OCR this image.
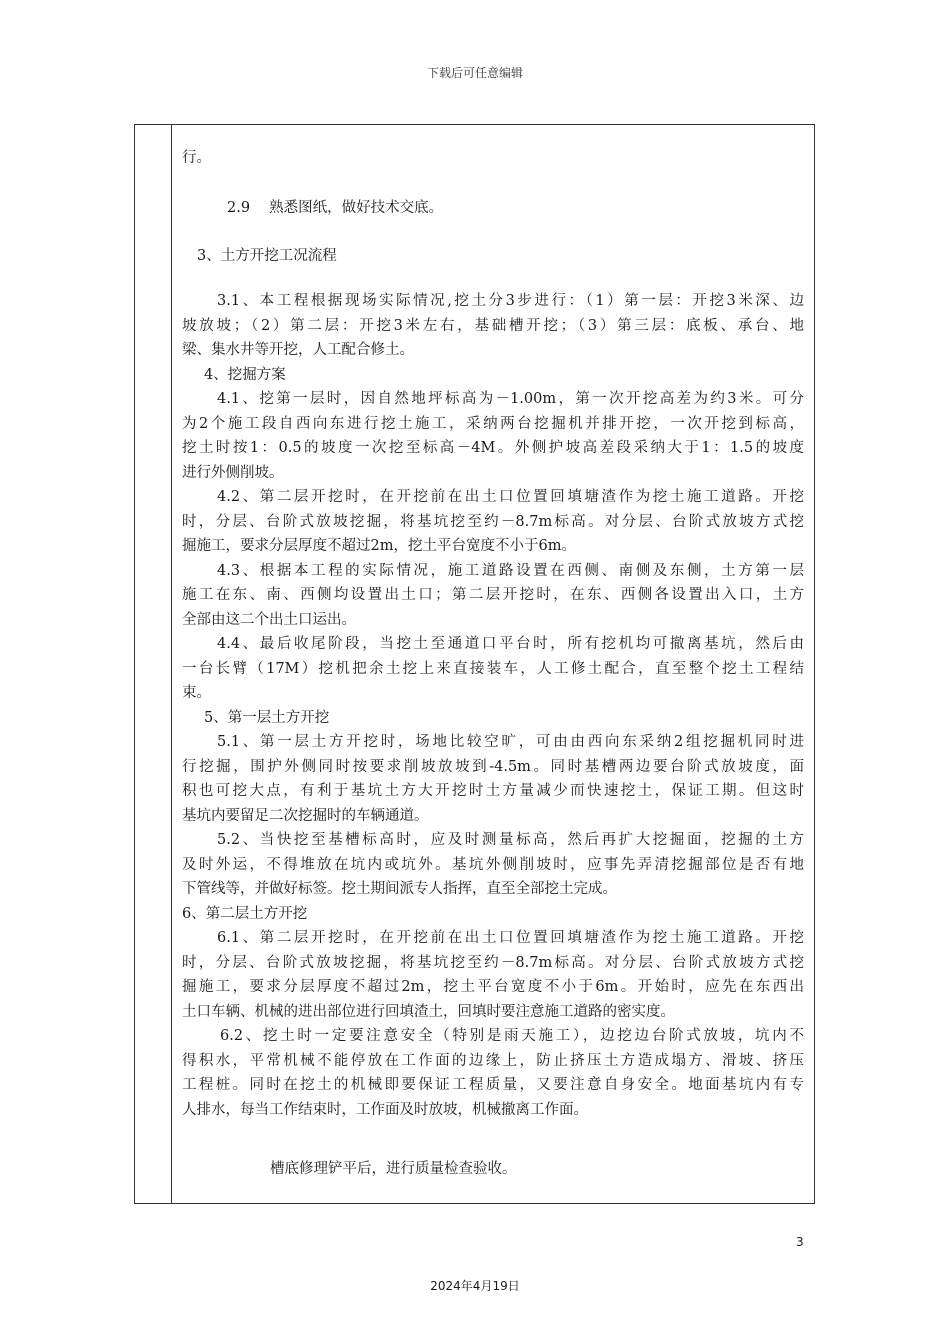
下载后可任意编辑
行。
2.9　 熟悉图纸，做好技术交底。
3、土方开挖工况流程
3.1、本工程根据现场实际情况,挖土分3步进行：（1）第一层：开挖3米深、边
坡放坡；（2）第二层：开挖3米左右，基础槽开挖；（3）第三层：底板、承台、地
梁、集水井等开挖，人工配合修土。
4、挖掘方案
4.1、挖第一层时，因自然地坪标高为－1.00m，第一次开挖高差为约3米。可分
为2个施工段自西向东进行挖土施工，采纳两台挖掘机并排开挖，一次开挖到标高，
挖土时按1：0.5的坡度一次挖至标高－4M。外侧护坡高差段采纳大于1：1.5的坡度
进行外侧削坡。
4.2、第二层开挖时，在开挖前在出土口位置回填塘渣作为挖土施工道路。开挖
时，分层、台阶式放坡挖掘，将基坑挖至约－8.7m标高。对分层、台阶式放坡方式挖
掘施工，要求分层厚度不超过2m，挖土平台宽度不小于6m。
4.3、根据本工程的实际情况，施工道路设置在西侧、南侧及东侧，土方第一层
施工在东、南、西侧均设置出土口；第二层开挖时，在东、西侧各设置出入口，土方
全部由这二个出土口运出。
4.4、最后收尾阶段，当挖土至通道口平台时，所有挖机均可撤离基坑，然后由
一台长臂（17M）挖机把余土挖上来直接装车，人工修土配合，直至整个挖土工程结
束。
5、第一层土方开挖
5.1、第一层土方开挖时，场地比较空旷，可由由西向东采纳2组挖掘机同时进
行挖掘，围护外侧同时按要求削坡放坡到-4.5m。同时基槽两边要台阶式放坡度，面
积也可挖大点，有利于基坑土方大开挖时土方量减少而快速挖土，保证工期。但这时
基坑内要留足二次挖掘时的车辆通道。
5.2、当快挖至基槽标高时，应及时测量标高，然后再扩大挖掘面，挖掘的土方
及时外运，不得堆放在坑内或坑外。基坑外侧削坡时，应事先弄清挖掘部位是否有地
下管线等，并做好标签。挖土期间派专人指挥，直至全部挖土完成。
6、第二层土方开挖
6.1、第二层开挖时，在开挖前在出土口位置回填塘渣作为挖土施工道路。开挖
时，分层、台阶式放坡挖掘，将基坑挖至约－8.7m标高。对分层、台阶式放坡方式挖
掘施工，要求分层厚度不超过2m，挖土平台宽度不小于6m。开始时，应先在东西出
土口车辆、机械的进出部位进行回填渣土，回填时要注意施工道路的密实度。
6.2、挖土时一定要注意安全（特别是雨天施工），边挖边台阶式放坡，坑内不
得积水，平常机械不能停放在工作面的边缘上，防止挤压土方造成塌方、滑坡、挤压
工程桩。同时在挖土的机械即要保证工程质量，又要注意自身安全。地面基坑内有专
人排水，每当工作结束时，工作面及时放坡，机械撤离工作面。
槽底修理铲平后，进行质量检查验收。
3
2024年4月19日
